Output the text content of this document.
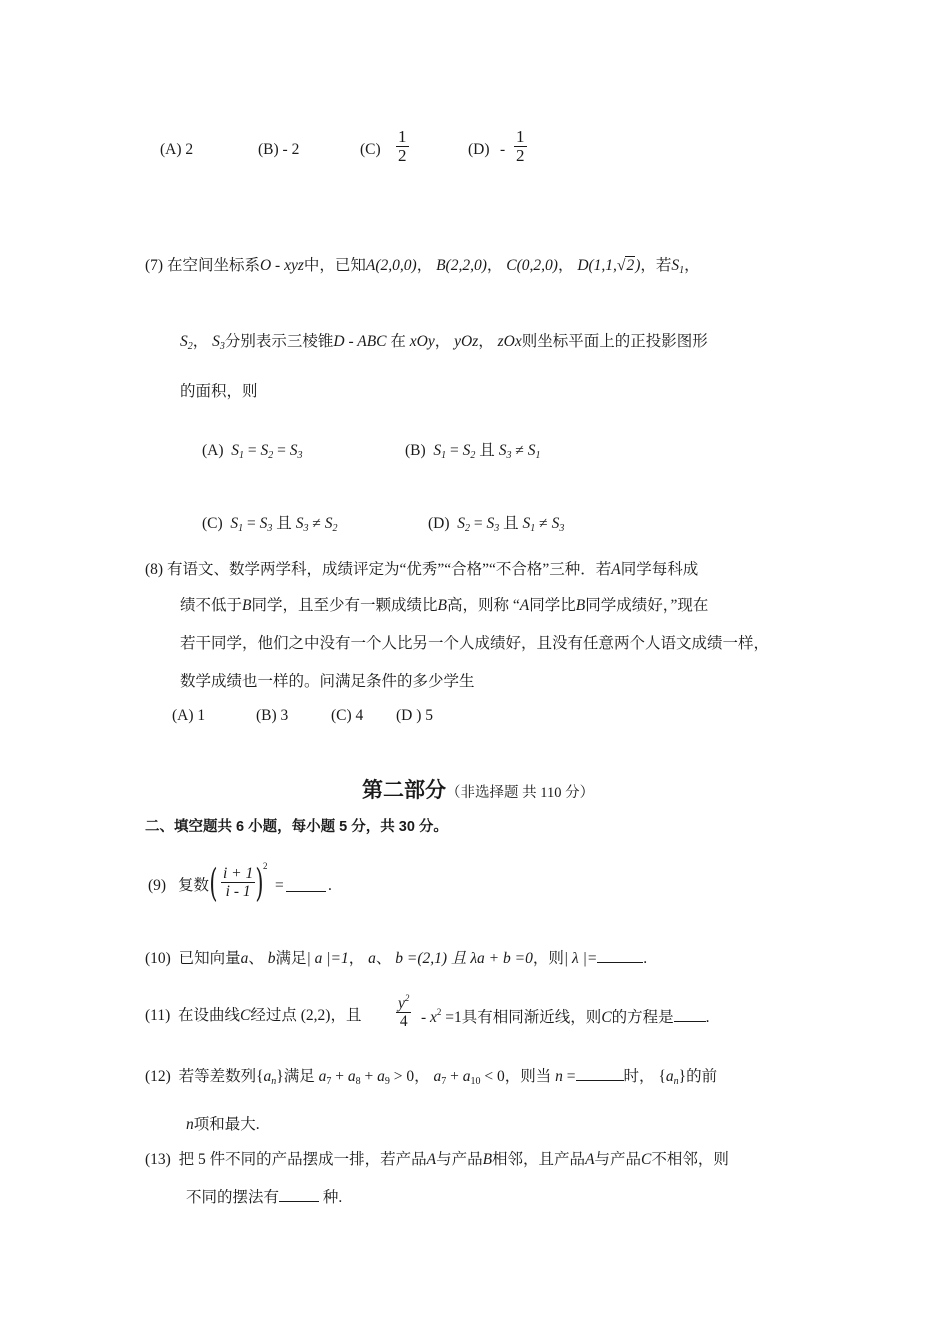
(A) 2	(B) - 2	$(C) \frac{1}{2}$	$(D) - \frac{1}{2}$
(7) 在空间坐标系O - xyz中，已知A(2,0,0)， B(2,2,0)， C(0,2,0)， D(1,1,√2)，若$S_1$，
$S_2$， $S_3$分别表示三棱锥D - ABC 在 xOy， yOz， zOx则坐标平面上的正投影图形
的面积，则
(A) $S_1 = S_2 = S_3$	(B) $S_1 = S_2$ 且 $S_3 \ne S_1$
(C) $S_1 = S_3$ 且 $S_3 \ne S_2$	(D) $S_2 = S_3$ 且 $S_1 \ne S_3$
(8) 有语文、数学两学科，成绩评定为“优秀”“合格”“不合格”三种．若A同学每科成
绩不低于B同学，且至少有一颗成绩比B高，则称 “A同学比B同学成绩好，”现在
若干同学，他们之中没有一个人比另一个人成绩好，且没有任意两个人语文成绩一样，
数学成绩也一样的。问满足条件的多少学生
(A) 1	(B) 3	(C) 4 (D ) 5
第二部分（非选择题 共 110 分）
二、填空题共 6 小题，每小题 5 分，共 30 分。
(9) 复数 ( $\frac{i + 1}{i - 1}$ ) 2
=	.
(10) 已知向量a、 b满足| a |=1， a、 b =(2,1) 且 λa + b =0，则| λ |=	.
(11) 在设曲线C经过点 (2,2)，且 $\frac{y^2}{4} - x^2 =1$具有相同渐近线，则C的方程是 .
(12) 若等差数列$\{a_n\}$满足 $a_7 + a_8 + a_9 > 0$， $a_7 + a_{10} < 0$，则当 n =	时， $\{a_n\}$的前
n项和最大.
(13) 把 5 件不同的产品摆成一排，若产品A与产品B相邻，且产品A与产品C不相邻，则
不同的摆法有	种.
